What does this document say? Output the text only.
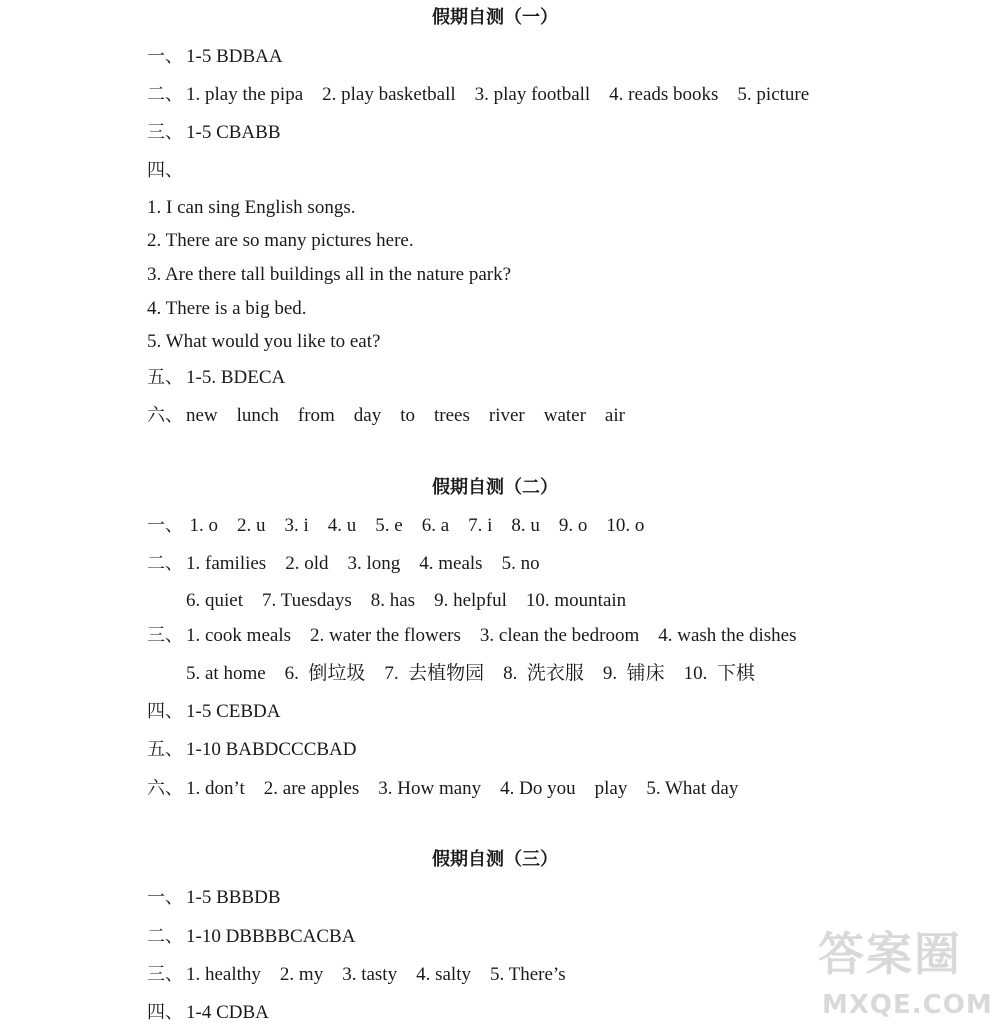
假期自测（一）
一、 1-5 BDBAA
二、 1. play the pipa    2. play basketball    3. play football    4. reads books    5. picture
三、 1-5 CBABB
四、
1. I can sing English songs.
2. There are so many pictures here.
3. Are there tall buildings all in the nature park?
4. There is a big bed.
5. What would you like to eat?
五、 1-5. BDECA
六、 new    lunch    from    day    to    trees    river    water    air
假期自测（二）
一、
1. o    2. u    3. i    4. u    5. e    6. a    7. i    8. u    9. o    10. o
二、 1. families    2. old    3. long    4. meals    5. no
6. quiet    7. Tuesdays    8. has    9. helpful    10. mountain
三、 1. cook meals    2. water the flowers    3. clean the bedroom    4. wash the dishes
5. at home    6.  倒垃圾    7.  去植物园    8.  洗衣服    9.  铺床    10.  下棋
四、 1-5 CEBDA
五、 1-10 BABDCCCBAD
六、 1. don’t    2. are apples    3. How many    4. Do you    play    5. What day
假期自测（三）
一、 1-5 BBBDB
二、 1-10 DBBBBCACBA
三、 1. healthy    2. my    3. tasty    4. salty    5. There’s
四、 1-4 CDBA
答案圈
MXQE.COM
